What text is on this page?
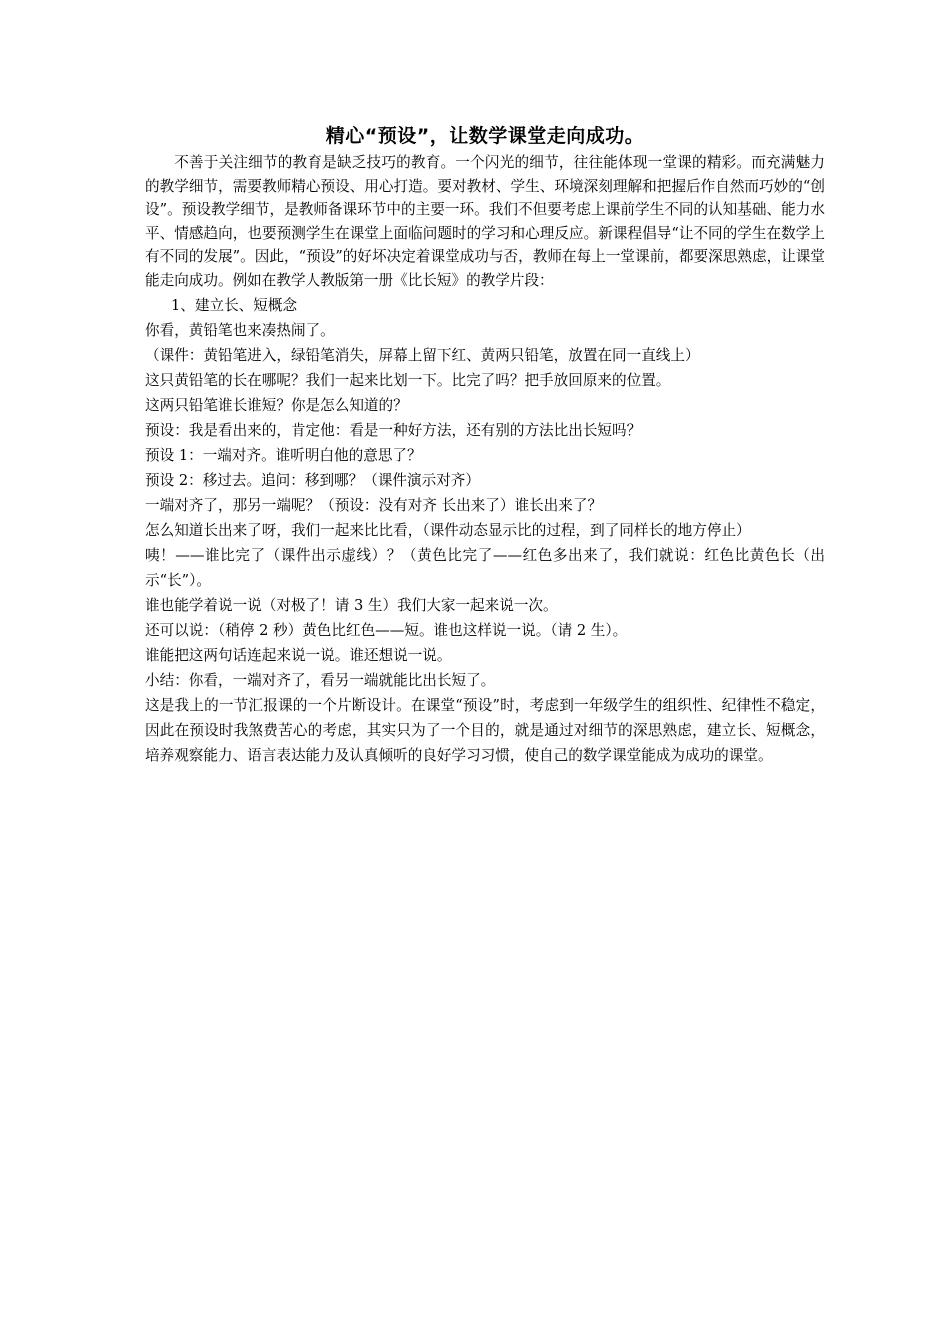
精心“预设”，让数学课堂走向成功。

不善于关注细节的教育是缺乏技巧的教育。一个闪光的细节，往往能体现一堂课的精彩。而充满魅力的教学细节，需要教师精心预设、用心打造。要对教材、学生、环境深刻理解和把握后作自然而巧妙的“创设”。预设教学细节，是教师备课环节中的主要一环。我们不但要考虑上课前学生不同的认知基础、能力水平、情感趋向，也要预测学生在课堂上面临问题时的学习和心理反应。新课程倡导“让不同的学生在数学上有不同的发展”。因此，“预设”的好坏决定着课堂成功与否，教师在每上一堂课前，都要深思熟虑，让课堂能走向成功。例如在教学人教版第一册《比长短》的教学片段：

1、建立长、短概念

你看，黄铅笔也来凑热闹了。

（课件：黄铅笔进入，绿铅笔消失，屏幕上留下红、黄两只铅笔，放置在同一直线上）

这只黄铅笔的长在哪呢？我们一起来比划一下。比完了吗？把手放回原来的位置。

这两只铅笔谁长谁短？你是怎么知道的？

预设：我是看出来的，肯定他：看是一种好方法，还有别的方法比出长短吗？

预设 1：一端对齐。谁听明白他的意思了？

预设 2：移过去。追问：移到哪？（课件演示对齐）

一端对齐了，那另一端呢？（预设：没有对齐 长出来了）谁长出来了？

怎么知道长出来了呀，我们一起来比比看，（课件动态显示比的过程，到了同样长的地方停止）

咦！——谁比完了（课件出示虚线）？（黄色比完了——红色多出来了，我们就说：红色比黄色长（出示“长”）。

谁也能学着说一说（对极了！请 3 生）我们大家一起来说一次。

还可以说：（稍停 2 秒）黄色比红色——短。谁也这样说一说。（请 2 生）。

谁能把这两句话连起来说一说。谁还想说一说。

小结：你看，一端对齐了，看另一端就能比出长短了。

这是我上的一节汇报课的一个片断设计。在课堂“预设”时，考虑到一年级学生的组织性、纪律性不稳定，因此在预设时我煞费苦心的考虑，其实只为了一个目的，就是通过对细节的深思熟虑，建立长、短概念，培养观察能力、语言表达能力及认真倾听的良好学习习惯，使自己的数学课堂能成为成功的课堂。
